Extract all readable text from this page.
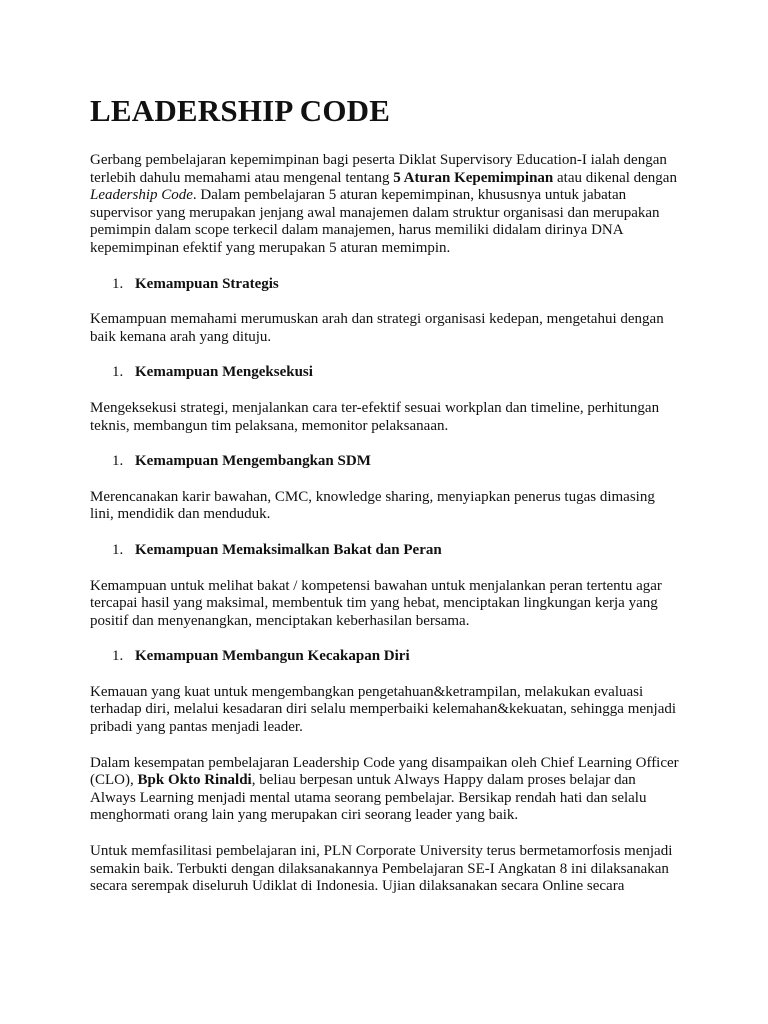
LEADERSHIP CODE

Gerbang pembelajaran kepemimpinan bagi peserta Diklat Supervisory Education-I ialah dengan terlebih dahulu memahami atau mengenal tentang 5 Aturan Kepemimpinan atau dikenal dengan Leadership Code. Dalam pembelajaran 5 aturan kepemimpinan, khususnya untuk jabatan supervisor yang merupakan jenjang awal manajemen dalam struktur organisasi dan merupakan pemimpin dalam scope terkecil dalam manajemen, harus memiliki didalam dirinya DNA kepemimpinan efektif yang merupakan 5 aturan memimpin.

1. Kemampuan Strategis

Kemampuan memahami merumuskan arah dan strategi organisasi kedepan, mengetahui dengan baik kemana arah yang dituju.

1. Kemampuan Mengeksekusi

Mengeksekusi strategi, menjalankan cara ter-efektif sesuai workplan dan timeline, perhitungan teknis, membangun tim pelaksana, memonitor pelaksanaan.

1. Kemampuan Mengembangkan SDM

Merencanakan karir bawahan, CMC, knowledge sharing, menyiapkan penerus tugas dimasing lini, mendidik dan menduduk.

1. Kemampuan Memaksimalkan Bakat dan Peran

Kemampuan untuk melihat bakat / kompetensi bawahan untuk menjalankan peran tertentu agar tercapai hasil yang maksimal, membentuk tim yang hebat, menciptakan lingkungan kerja yang positif dan menyenangkan, menciptakan keberhasilan bersama.

1. Kemampuan Membangun Kecakapan Diri

Kemauan yang kuat untuk mengembangkan pengetahuan&ketrampilan, melakukan evaluasi terhadap diri, melalui kesadaran diri selalu memperbaiki kelemahan&kekuatan, sehingga menjadi pribadi yang pantas menjadi leader.

Dalam kesempatan pembelajaran Leadership Code yang disampaikan oleh Chief Learning Officer (CLO), Bpk Okto Rinaldi, beliau berpesan untuk Always Happy dalam proses belajar dan Always Learning menjadi mental utama seorang pembelajar. Bersikap rendah hati dan selalu menghormati orang lain yang merupakan ciri seorang leader yang baik.

Untuk memfasilitasi pembelajaran ini, PLN Corporate University terus bermetamorfosis menjadi semakin baik. Terbukti dengan dilaksanakannya Pembelajaran SE-I Angkatan 8 ini dilaksanakan secara serempak diseluruh Udiklat di Indonesia. Ujian dilaksanakan secara Online secara
